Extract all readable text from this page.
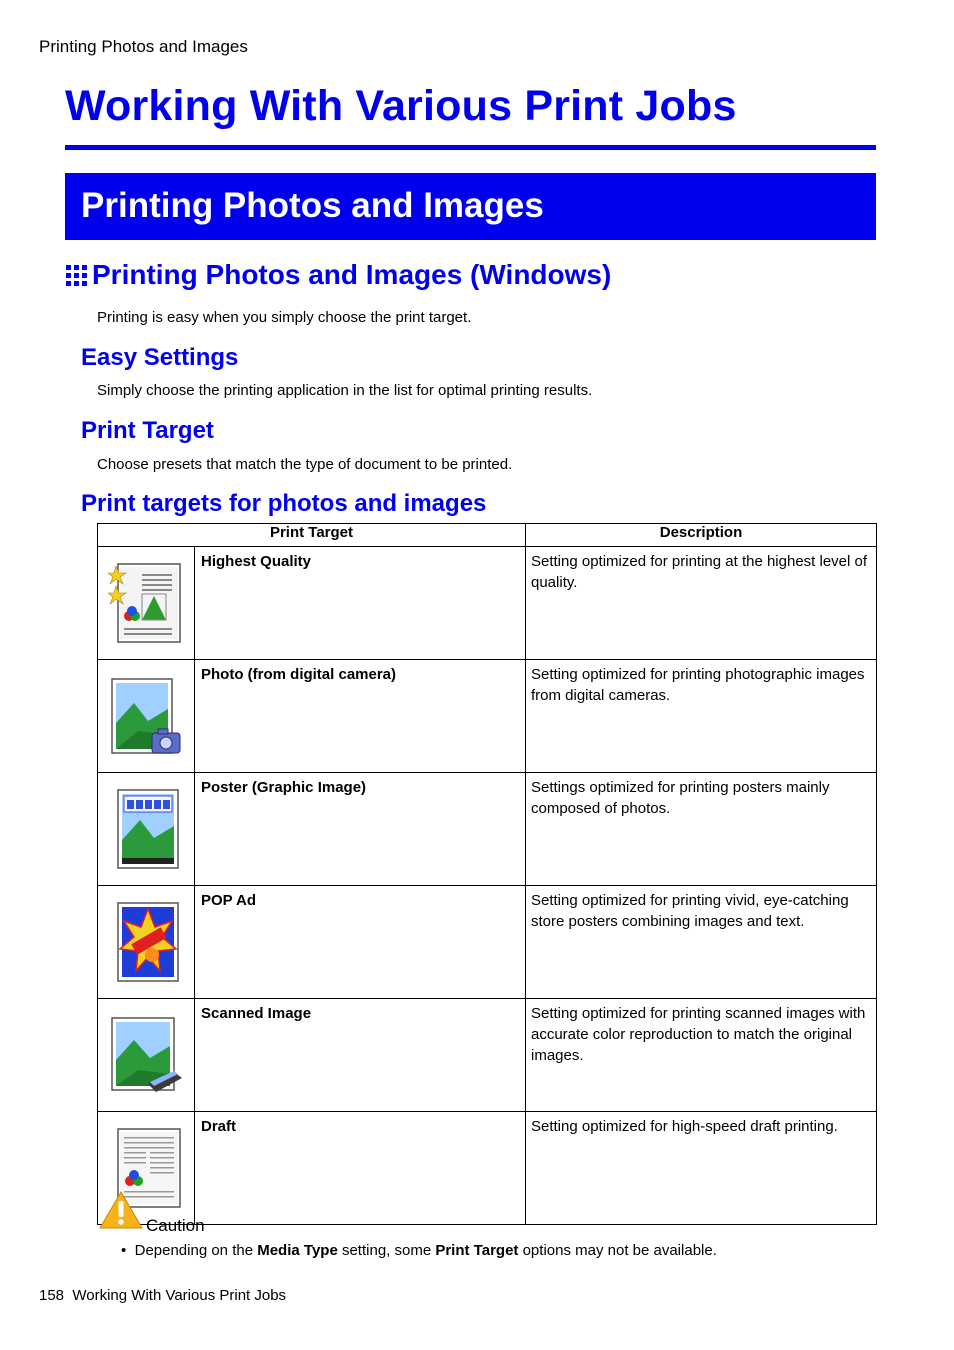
Printing Photos and Images
Working With Various Print Jobs
Printing Photos and Images
Printing Photos and Images (Windows)
Printing is easy when you simply choose the print target.
Easy Settings
Simply choose the printing application in the list for optimal printing results.
Print Target
Choose presets that match the type of document to be printed.
Print targets for photos and images
Print Target		Description

	Highest Quality	Setting optimized for printing at the highest level of quality.

	Photo (from digital camera)	Setting optimized for printing photographic images from digital cameras.

	Poster (Graphic Image)	Settings optimized for printing posters mainly composed of photos.

	POP Ad	Setting optimized for printing vivid, eye-catching store posters combining images and text.

	Scanned Image	Setting optimized for printing scanned images with accurate color reproduction to match the original images.

	Draft	Setting optimized for high-speed draft printing.
Caution
• Depending on the Media Type setting, some Print Target options may not be available.
158 Working With Various Print Jobs
